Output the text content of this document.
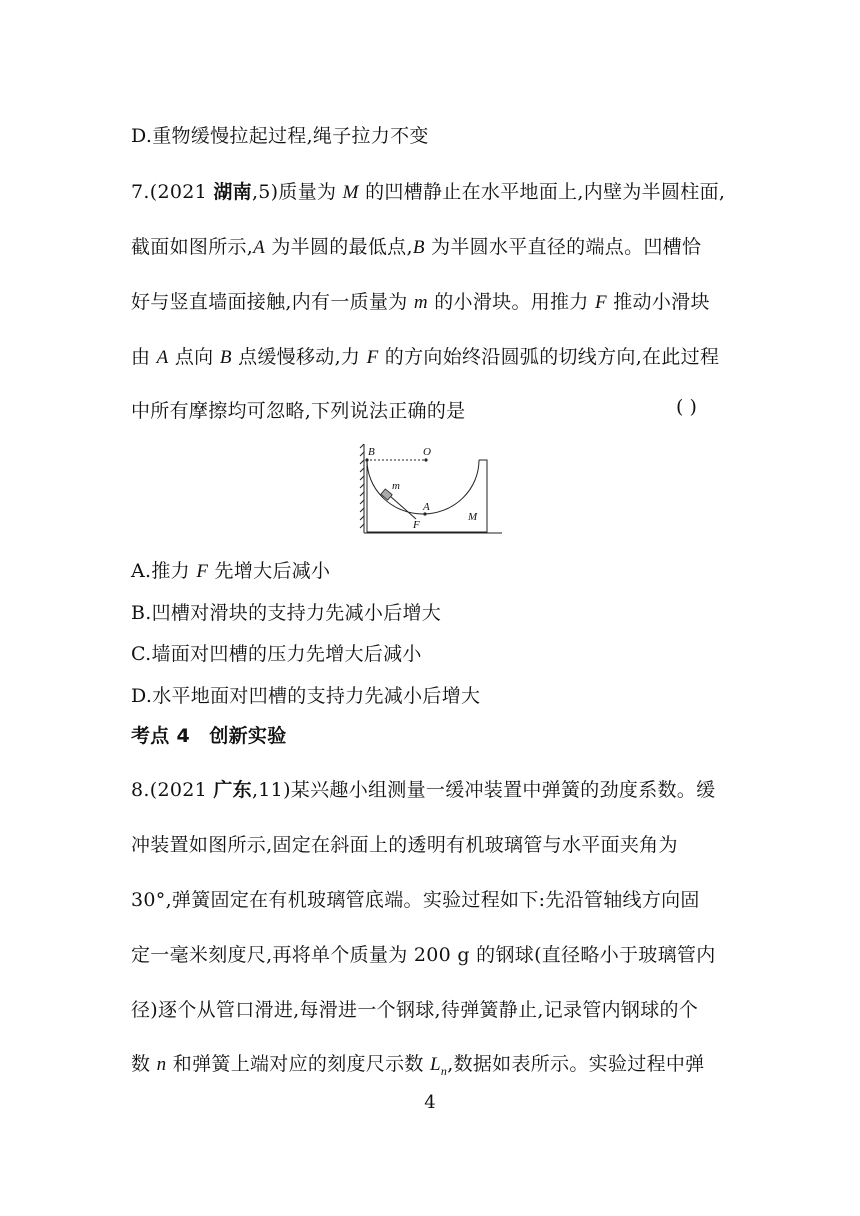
D.重物缓慢拉起过程,绳子拉力不变
7.(2021 湖南,5)质量为 M 的凹槽静止在水平地面上,内壁为半圆柱面,
截面如图所示,A 为半圆的最低点,B 为半圆水平直径的端点。凹槽恰
好与竖直墙面接触,内有一质量为 m 的小滑块。用推力 F 推动小滑块
由 A 点向 B 点缓慢移动,力 F 的方向始终沿圆弧的切线方向,在此过程
中所有摩擦均可忽略,下列说法正确的是	( )
B	O
m
A
F
M
A.推力 F 先增大后减小
B.凹槽对滑块的支持力先减小后增大
C.墙面对凹槽的压力先增大后减小
D.水平地面对凹槽的支持力先减小后增大
考点 4　创新实验
8.(2021 广东,11)某兴趣小组测量一缓冲装置中弹簧的劲度系数。缓
冲装置如图所示,固定在斜面上的透明有机玻璃管与水平面夹角为
30°,弹簧固定在有机玻璃管底端。实验过程如下:先沿管轴线方向固
定一毫米刻度尺,再将单个质量为 200 g 的钢球(直径略小于玻璃管内
径)逐个从管口滑进,每滑进一个钢球,待弹簧静止,记录管内钢球的个
数 n 和弹簧上端对应的刻度尺示数 $L_n$,数据如表所示。实验过程中弹
4
